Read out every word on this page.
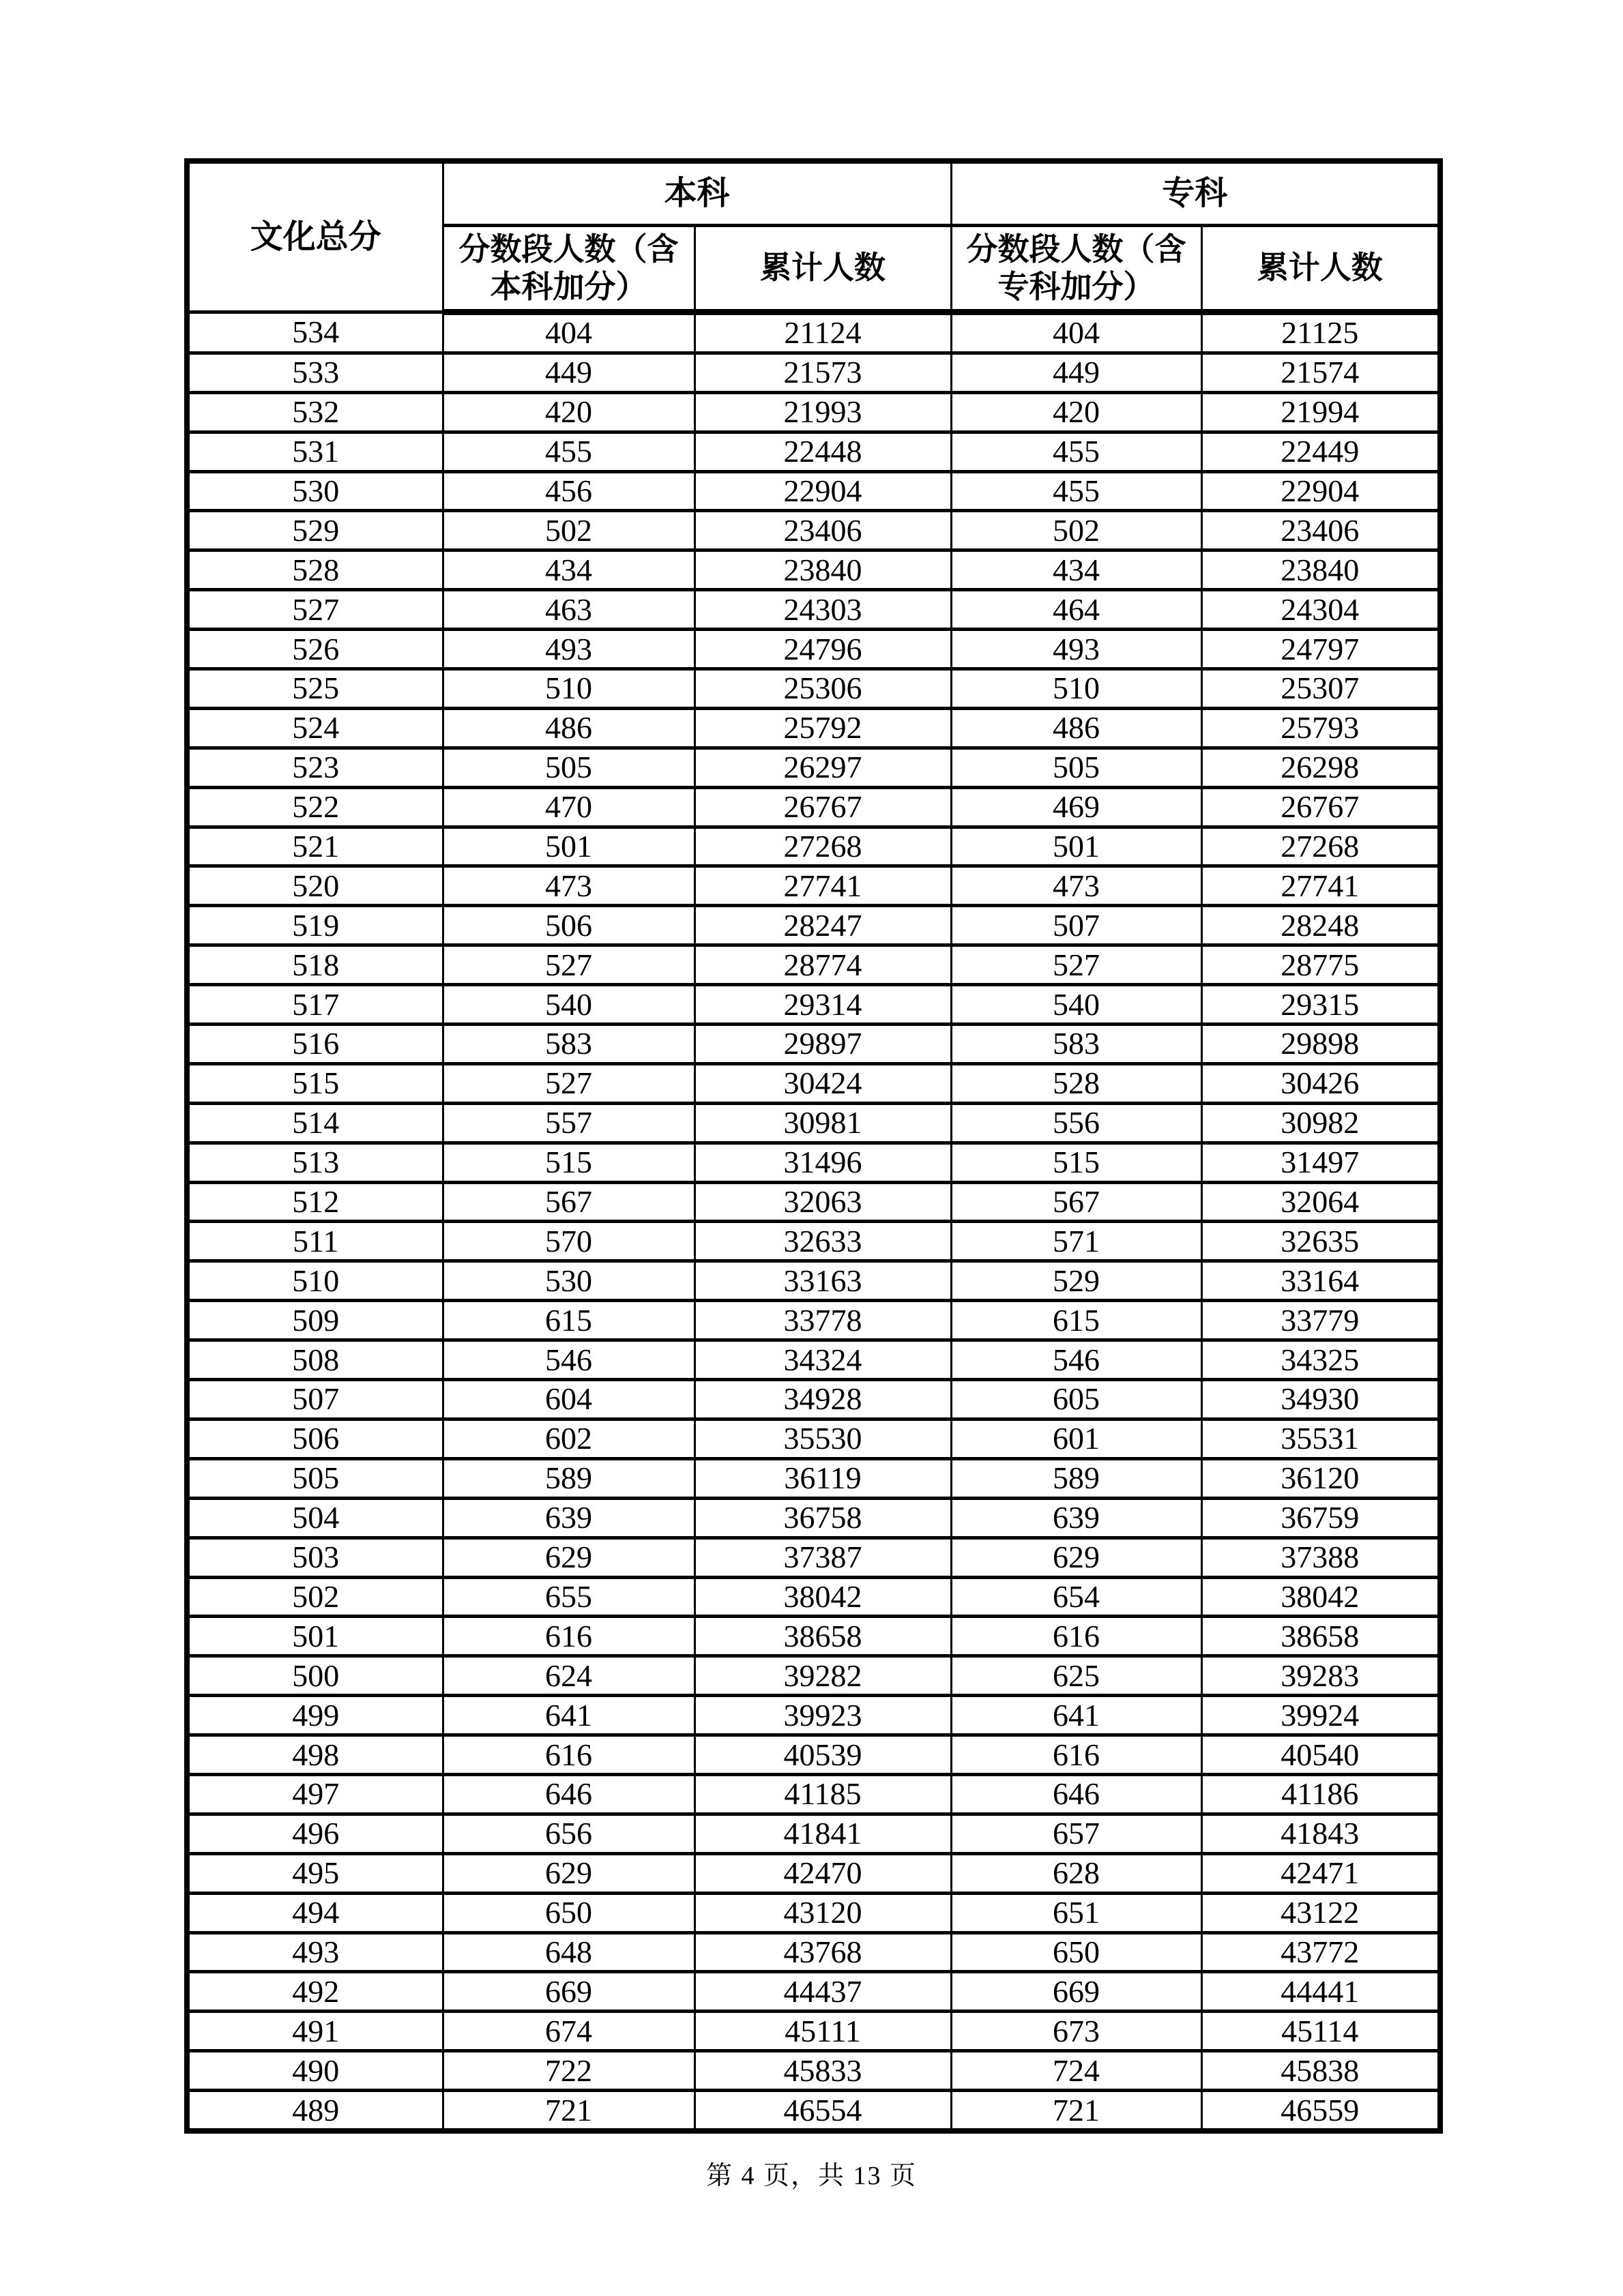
文化总分	本科		专科	
	分数段人数（含本科加分）	累计人数	分数段人数（含专科加分）	累计人数
534	404	21124	404	21125
533	449	21573	449	21574
532	420	21993	420	21994
531	455	22448	455	22449
530	456	22904	455	22904
529	502	23406	502	23406
528	434	23840	434	23840
527	463	24303	464	24304
526	493	24796	493	24797
525	510	25306	510	25307
524	486	25792	486	25793
523	505	26297	505	26298
522	470	26767	469	26767
521	501	27268	501	27268
520	473	27741	473	27741
519	506	28247	507	28248
518	527	28774	527	28775
517	540	29314	540	29315
516	583	29897	583	29898
515	527	30424	528	30426
514	557	30981	556	30982
513	515	31496	515	31497
512	567	32063	567	32064
511	570	32633	571	32635
510	530	33163	529	33164
509	615	33778	615	33779
508	546	34324	546	34325
507	604	34928	605	34930
506	602	35530	601	35531
505	589	36119	589	36120
504	639	36758	639	36759
503	629	37387	629	37388
502	655	38042	654	38042
501	616	38658	616	38658
500	624	39282	625	39283
499	641	39923	641	39924
498	616	40539	616	40540
497	646	41185	646	41186
496	656	41841	657	41843
495	629	42470	628	42471
494	650	43120	651	43122
493	648	43768	650	43772
492	669	44437	669	44441
491	674	45111	673	45114
490	722	45833	724	45838
489	721	46554	721	46559
第 4 页，共 13 页
